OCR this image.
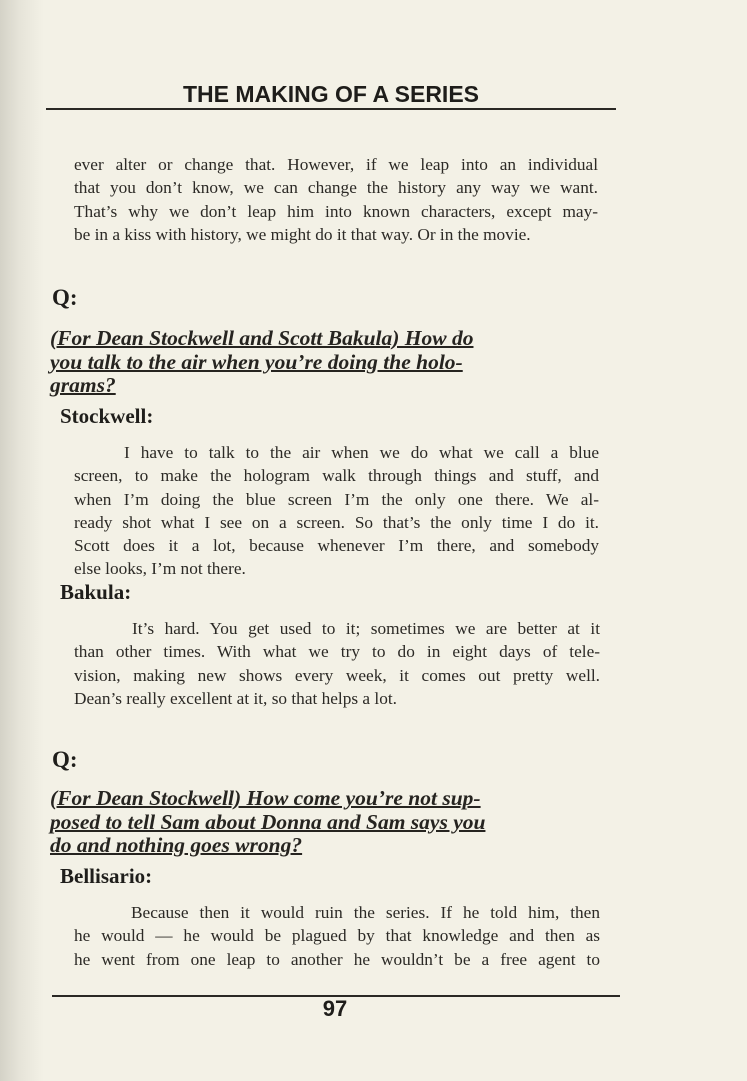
THE MAKING OF A SERIES
ever alter or change that. However, if we leap into an individual
that you don’t know, we can change the history any way we want.
That’s why we don’t leap him into known characters, except may-
be in a kiss with history, we might do it that way. Or in the movie.
Q:
(For Dean Stockwell and Scott Bakula) How do
you talk to the air when you’re doing the holo-
grams?
Stockwell:
I have to talk to the air when we do what we call a blue
screen, to make the hologram walk through things and stuff, and
when I’m doing the blue screen I’m the only one there. We al-
ready shot what I see on a screen. So that’s the only time I do it.
Scott does it a lot, because whenever I’m there, and somebody
else looks, I’m not there.
Bakula:
It’s hard. You get used to it; sometimes we are better at it
than other times. With what we try to do in eight days of tele-
vision, making new shows every week, it comes out pretty well.
Dean’s really excellent at it, so that helps a lot.
Q:
(For Dean Stockwell) How come you’re not sup-
posed to tell Sam about Donna and Sam says you
do and nothing goes wrong?
Bellisario:
Because then it would ruin the series. If he told him, then
he would — he would be plagued by that knowledge and then as
he went from one leap to another he wouldn’t be a free agent to
97
